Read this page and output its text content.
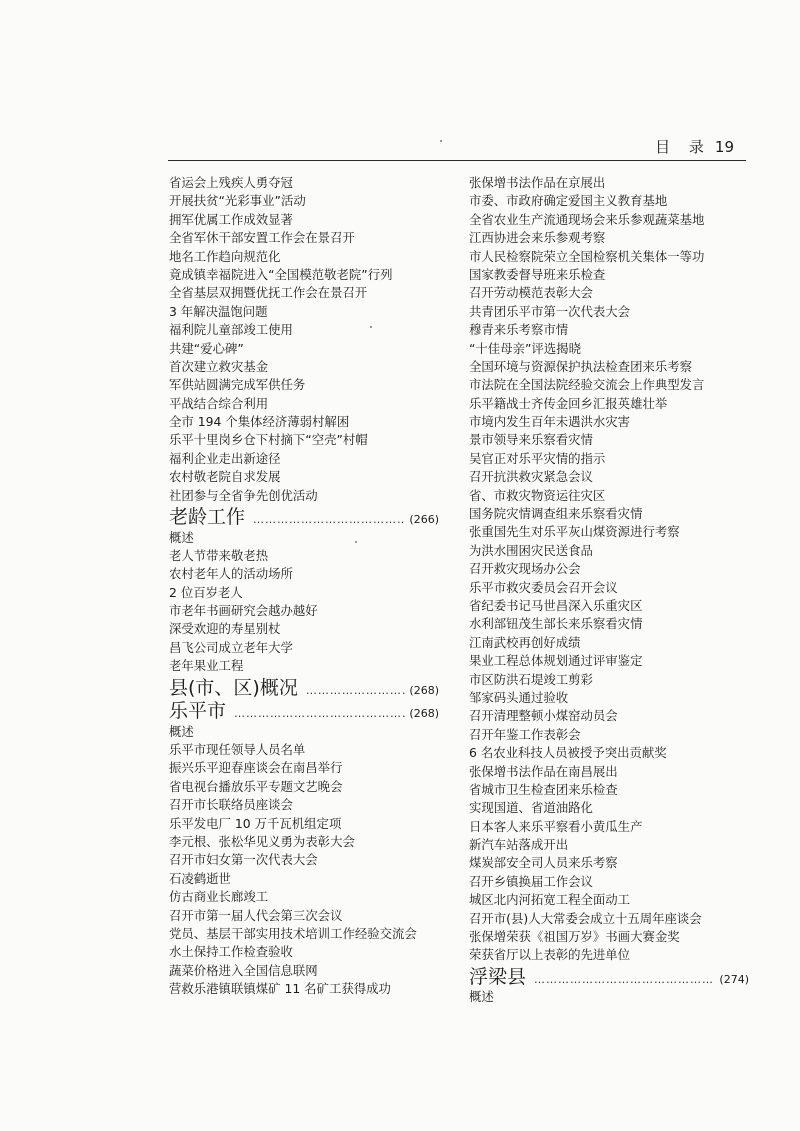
目 录 19
省运会上残疾人勇夺冠
开展扶贫“光彩事业”活动
拥军优属工作成效显著
全省军休干部安置工作会在景召开
地名工作趋向规范化
竟成镇幸福院进入“全国模范敬老院”行列
全省基层双拥暨优抚工作会在景召开
3 年解决温饱问题
福利院儿童部竣工使用
共建“爱心碑”
首次建立救灾基金
军供站圆满完成军供任务
平战结合综合利用
全市 194 个集体经济薄弱村解困
乐平十里岗乡仓下村摘下“空壳”村帽
福利企业走出新途径
农村敬老院自求发展
社团参与全省争先创优活动
老龄工作 ………………………………………………………………………………………………	(266)
概述
老人节带来敬老热
农村老年人的活动场所
2 位百岁老人
市老年书画研究会越办越好
深受欢迎的寿星别杖
昌飞公司成立老年大学
老年果业工程
县(市、区)概况 ………………………………………………………………………………………………	(268)
乐平市 ………………………………………………………………………………………………	(268)
概述
乐平市现任领导人员名单
振兴乐平迎春座谈会在南昌举行
省电视台播放乐平专题文艺晚会
召开市长联络员座谈会
乐平发电厂 10 万千瓦机组定项
李元根、张松华见义勇为表彰大会
召开市妇女第一次代表大会
石凌鹤逝世
仿古商业长廊竣工
召开市第一届人代会第三次会议
党员、基层干部实用技术培训工作经验交流会
水土保持工作检查验收
蔬菜价格进入全国信息联网
营救乐港镇联镇煤矿 11 名矿工获得成功
张保增书法作品在京展出
市委、市政府确定爱国主义教育基地
全省农业生产流通现场会来乐参观蔬菜基地
江西协进会来乐参观考察
市人民检察院荣立全国检察机关集体一等功
国家教委督导班来乐检查
召开劳动模范表彰大会
共青团乐平市第一次代表大会
穆青来乐考察市情
“十佳母亲”评选揭晓
全国环境与资源保护执法检查团来乐考察
市法院在全国法院经验交流会上作典型发言
乐平籍战士齐传金回乡汇报英雄壮举
市境内发生百年未遇洪水灾害
景市领导来乐察看灾情
吴官正对乐平灾情的指示
召开抗洪救灾紧急会议
省、市救灾物资运往灾区
国务院灾情调查组来乐察看灾情
张重国先生对乐平灰山煤资源进行考察
为洪水围困灾民送食品
召开救灾现场办公会
乐平市救灾委员会召开会议
省纪委书记马世昌深入乐重灾区
水利部钮茂生部长来乐察看灾情
江南武校再创好成绩
果业工程总体规划通过评审鉴定
市区防洪石堤竣工剪彩
邹家码头通过验收
召开清理整顿小煤窑动员会
召开年鉴工作表彰会
6 名农业科技人员被授予突出贡献奖
张保增书法作品在南昌展出
省城市卫生检查团来乐检查
实现国道、省道油路化
日本客人来乐平察看小黄瓜生产
新汽车站落成开出
煤炭部安全司人员来乐考察
召开乡镇换届工作会议
城区北内河拓宽工程全面动工
召开市(县)人大常委会成立十五周年座谈会
张保增荣获《祖国万岁》书画大赛金奖
荣获省厅以上表彰的先进单位
浮梁县 ………………………………………………………………………………………………	(274)
概述
